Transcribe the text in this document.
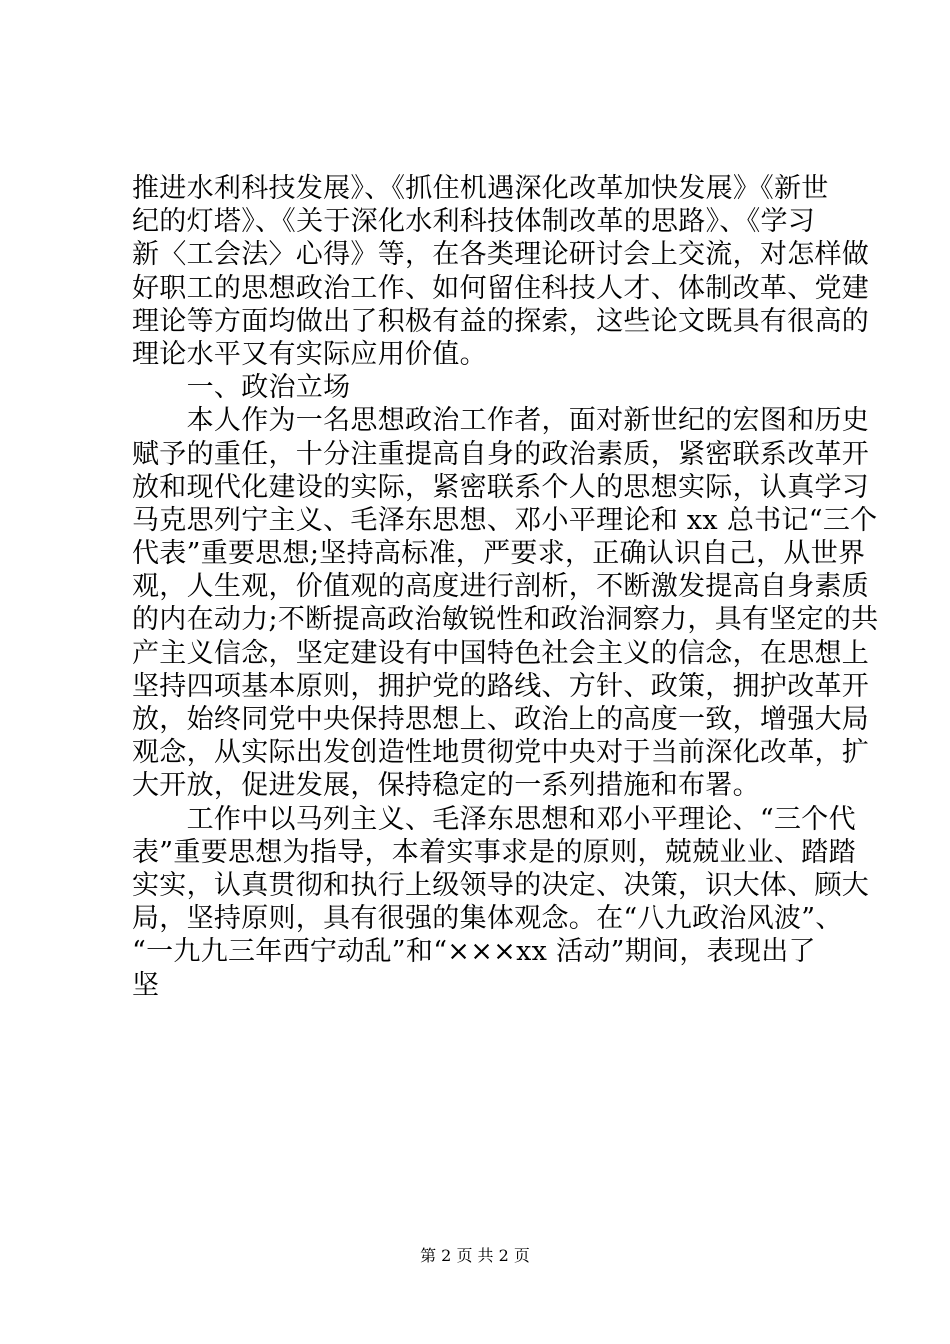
推进水利科技发展》、《抓住机遇深化改革加快发展》《新世
纪的灯塔》、《关于深化水利科技体制改革的思路》、《学习
新〈工会法〉心得》等，在各类理论研讨会上交流，对怎样做
好职工的思想政治工作、如何留住科技人才、体制改革、党建
理论等方面均做出了积极有益的探索，这些论文既具有很高的
理论水平又有实际应用价值。
　　一、政治立场
　　本人作为一名思想政治工作者，面对新世纪的宏图和历史
赋予的重任，十分注重提高自身的政治素质，紧密联系改革开
放和现代化建设的实际，紧密联系个人的思想实际，认真学习
马克思列宁主义、毛泽东思想、邓小平理论和 xx 总书记“三个
代表”重要思想;坚持高标准，严要求，正确认识自己，从世界
观，人生观，价值观的高度进行剖析，不断激发提高自身素质
的内在动力;不断提高政治敏锐性和政治洞察力，具有坚定的共
产主义信念，坚定建设有中国特色社会主义的信念，在思想上
坚持四项基本原则，拥护党的路线、方针、政策，拥护改革开
放，始终同党中央保持思想上、政治上的高度一致，增强大局
观念，从实际出发创造性地贯彻党中央对于当前深化改革，扩
大开放，促进发展，保持稳定的一系列措施和布署。
　　工作中以马列主义、毛泽东思想和邓小平理论、“三个代
表”重要思想为指导，本着实事求是的原则，兢兢业业、踏踏
实实，认真贯彻和执行上级领导的决定、决策，识大体、顾大
局，坚持原则，具有很强的集体观念。在“八九政治风波”、
“一九九三年西宁动乱”和“×××xx 活动”期间，表现出了
坚
第 2 页 共 2 页
